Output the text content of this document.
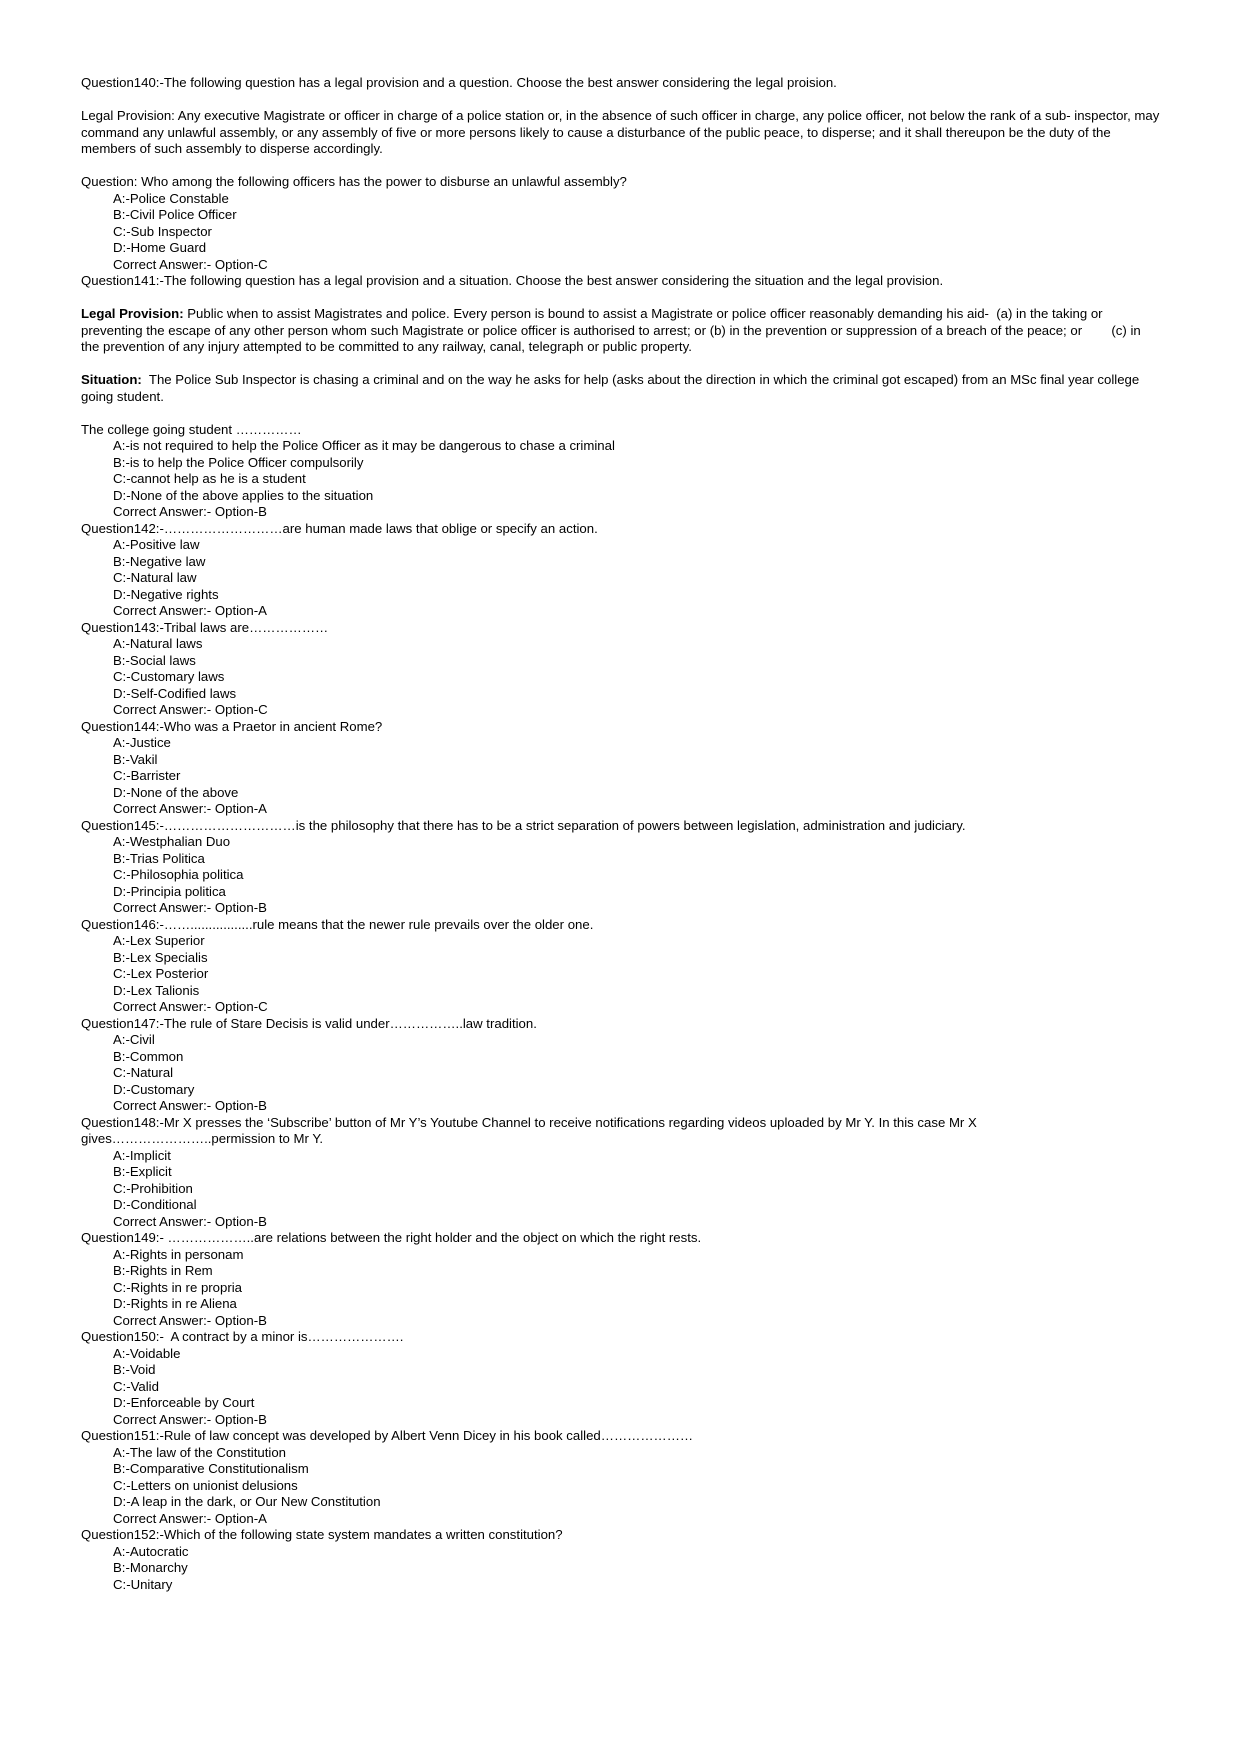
Question140:-The following question has a legal provision and a question. Choose the best answer considering the legal proision.
Legal Provision: Any executive Magistrate or officer in charge of a police station or, in the absence of such officer in charge, any police officer, not below the rank of a sub- inspector, may command any unlawful assembly, or any assembly of five or more persons likely to cause a disturbance of the public peace, to disperse; and it shall thereupon be the duty of the members of such assembly to disperse accordingly.
Question: Who among the following officers has the power to disburse an unlawful assembly?
A:-Police Constable
B:-Civil Police Officer
C:-Sub Inspector
D:-Home Guard
Correct Answer:- Option-C
Question141:-The following question has a legal provision and a situation. Choose the best answer considering the situation and the legal provision.
Legal Provision: Public when to assist Magistrates and police. Every person is bound to assist a Magistrate or police officer reasonably demanding his aid-  (a) in the taking or preventing the escape of any other person whom such Magistrate or police officer is authorised to arrest; or (b) in the prevention or suppression of a breach of the peace; or        (c) in the prevention of any injury attempted to be committed to any railway, canal, telegraph or public property.
Situation:  The Police Sub Inspector is chasing a criminal and on the way he asks for help (asks about the direction in which the criminal got escaped) from an MSc final year college going student.
The college going student ……………
A:-is not required to help the Police Officer as it may be dangerous to chase a criminal
B:-is to help the Police Officer compulsorily
C:-cannot help as he is a student
D:-None of the above applies to the situation
Correct Answer:- Option-B
Question142:-………………………are human made laws that oblige or specify an action.
A:-Positive law
B:-Negative law
C:-Natural law
D:-Negative rights
Correct Answer:- Option-A
Question143:-Tribal laws are………………
A:-Natural laws
B:-Social laws
C:-Customary laws
D:-Self-Codified laws
Correct Answer:- Option-C
Question144:-Who was a Praetor in ancient Rome?
A:-Justice
B:-Vakil
C:-Barrister
D:-None of the above
Correct Answer:- Option-A
Question145:-…………………………is the philosophy that there has to be a strict separation of powers between legislation, administration and judiciary.
A:-Westphalian Duo
B:-Trias Politica
C:-Philosophia politica
D:-Principia politica
Correct Answer:- Option-B
Question146:-…….................rule means that the newer rule prevails over the older one.
A:-Lex Superior
B:-Lex Specialis
C:-Lex Posterior
D:-Lex Talionis
Correct Answer:- Option-C
Question147:-The rule of Stare Decisis is valid under……………..law tradition.
A:-Civil
B:-Common
C:-Natural
D:-Customary
Correct Answer:- Option-B
Question148:-Mr X presses the ‘Subscribe’ button of Mr Y’s Youtube Channel to receive notifications regarding videos uploaded by Mr Y. In this case Mr X gives…………………..permission to Mr Y.
A:-Implicit
B:-Explicit
C:-Prohibition
D:-Conditional
Correct Answer:- Option-B
Question149:- ………………..are relations between the right holder and the object on which the right rests.
A:-Rights in personam
B:-Rights in Rem
C:-Rights in re propria
D:-Rights in re Aliena
Correct Answer:- Option-B
Question150:-  A contract by a minor is………………….
A:-Voidable
B:-Void
C:-Valid
D:-Enforceable by Court
Correct Answer:- Option-B
Question151:-Rule of law concept was developed by Albert Venn Dicey in his book called…………………
A:-The law of the Constitution
B:-Comparative Constitutionalism
C:-Letters on unionist delusions
D:-A leap in the dark, or Our New Constitution
Correct Answer:- Option-A
Question152:-Which of the following state system mandates a written constitution?
A:-Autocratic
B:-Monarchy
C:-Unitary
